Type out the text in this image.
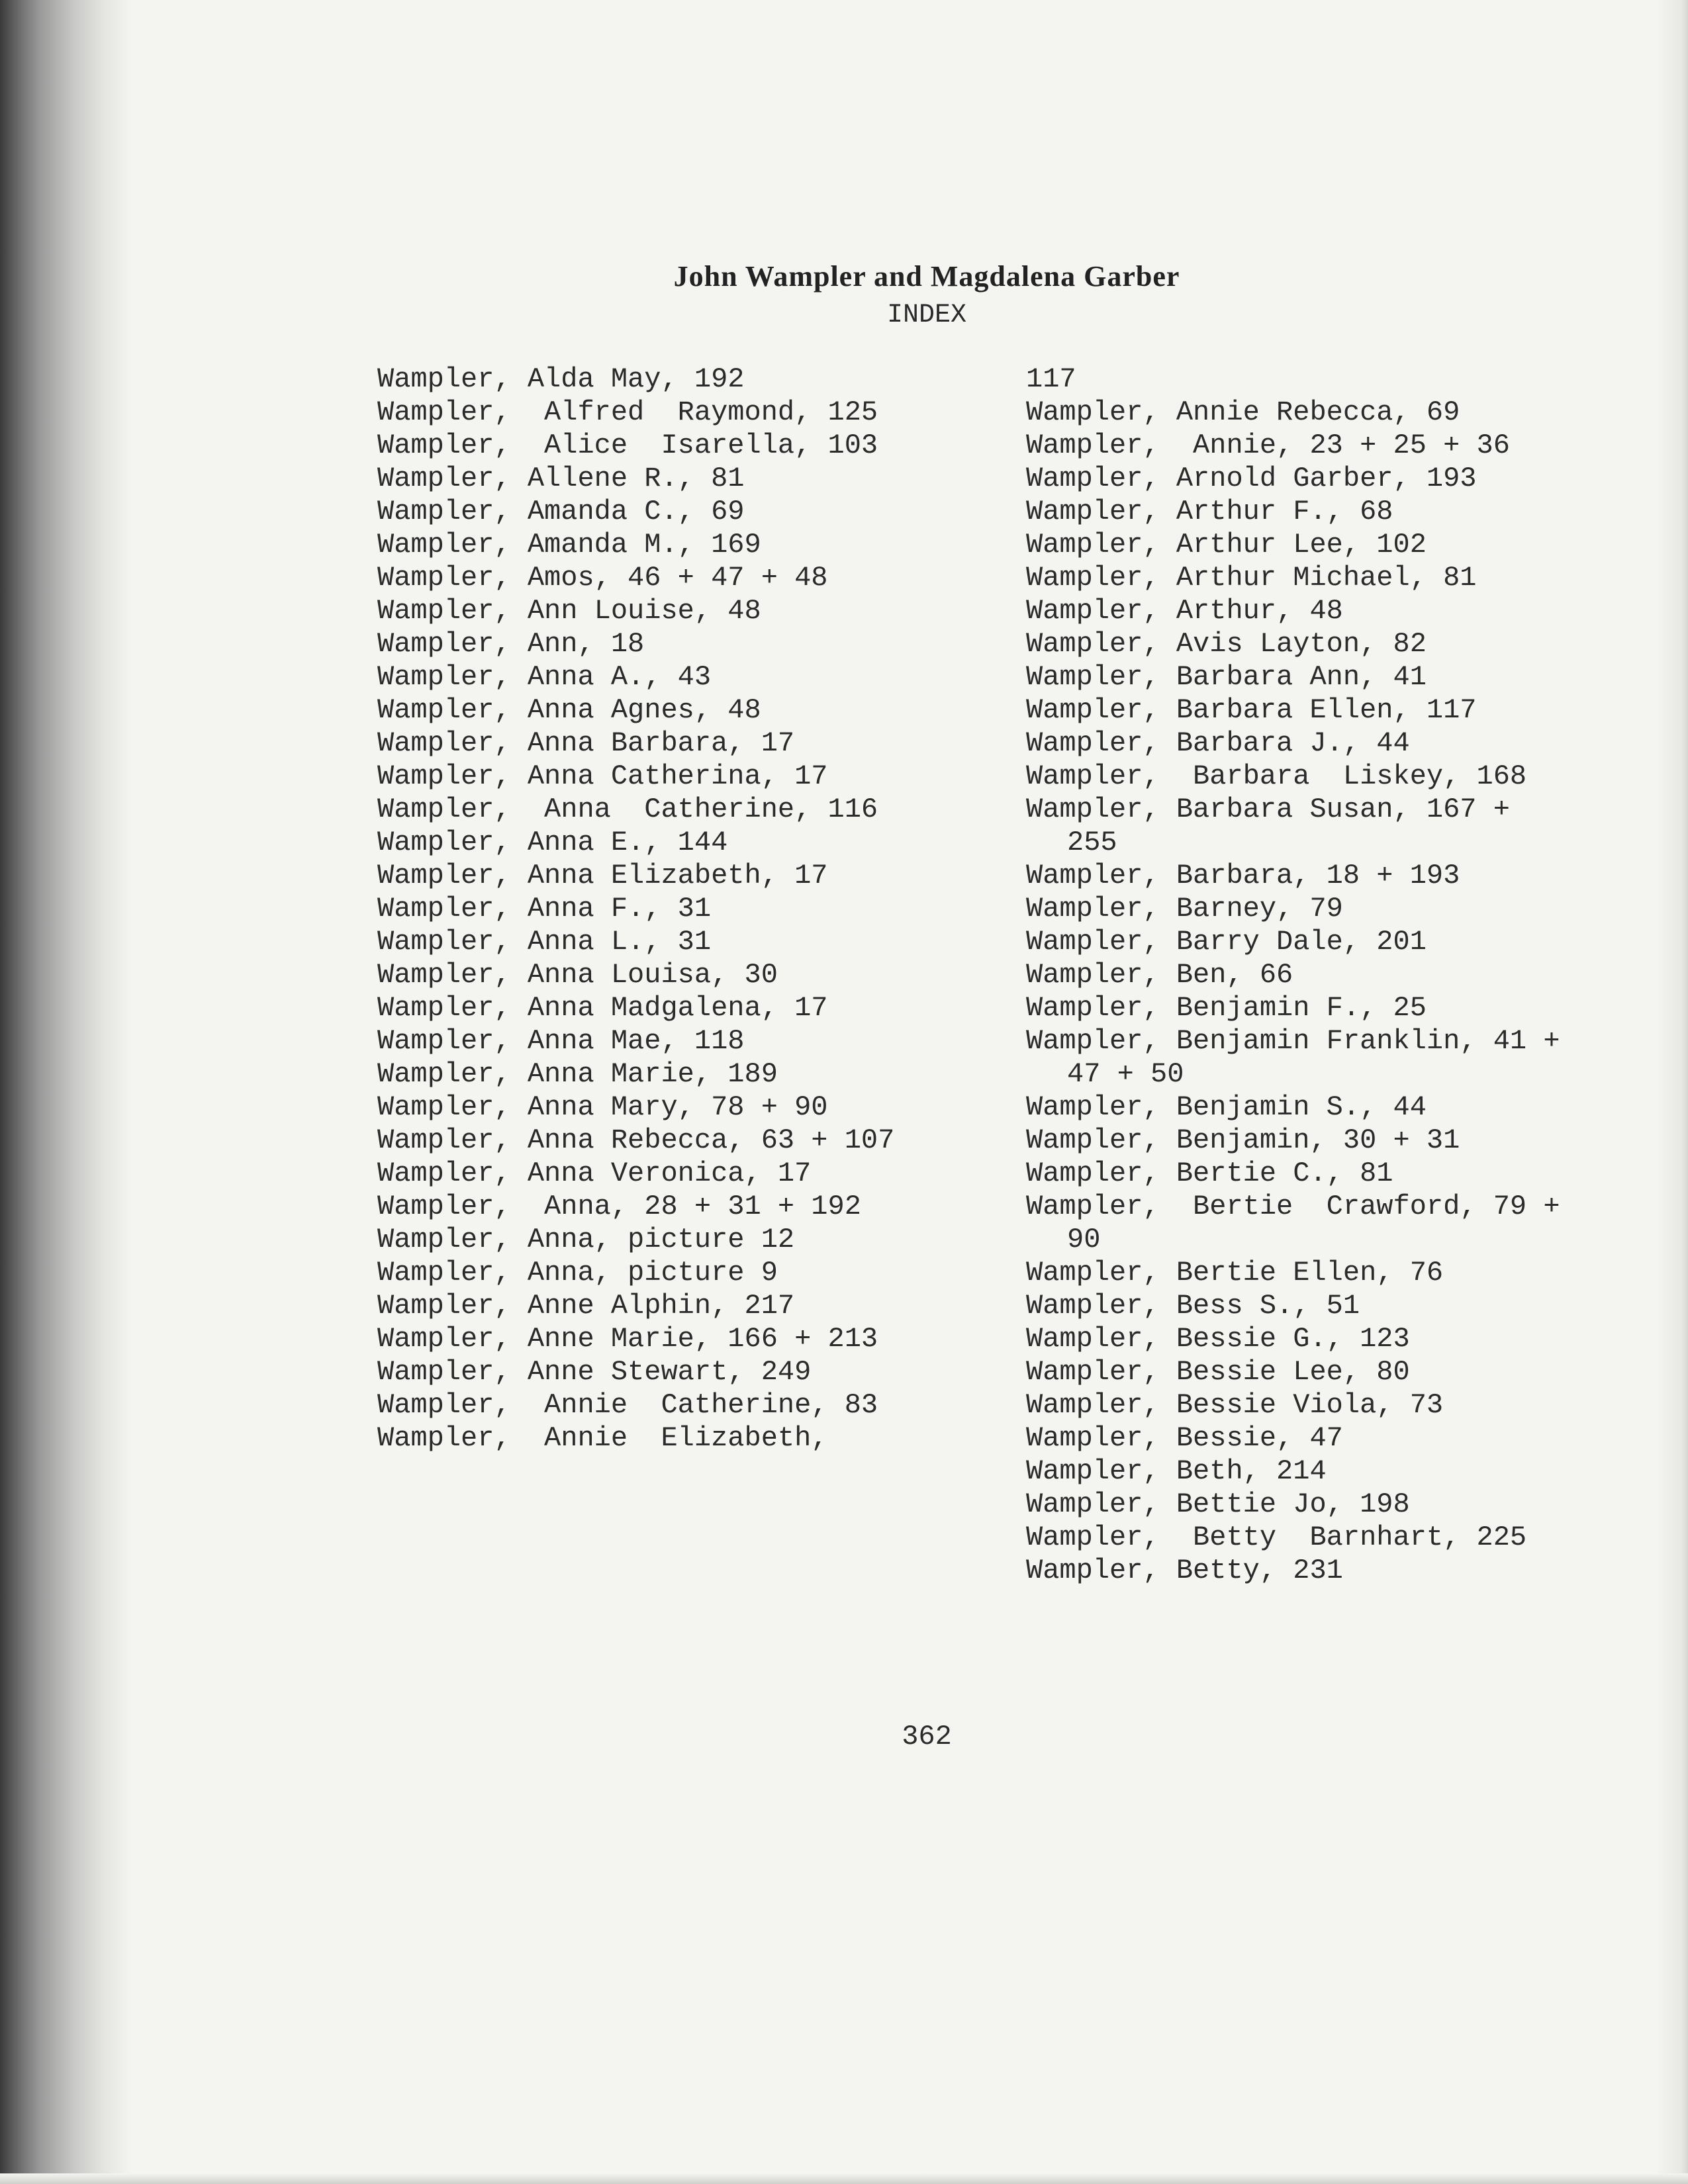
John Wampler and Magdalena Garber
INDEX

Wampler, Alda May, 192

Wampler,  Alfred  Raymond, 125

Wampler,  Alice  Isarella, 103

Wampler, Allene R., 81

Wampler, Amanda C., 69

Wampler, Amanda M., 169

Wampler, Amos, 46 + 47 + 48

Wampler, Ann Louise, 48

Wampler, Ann, 18

Wampler, Anna A., 43

Wampler, Anna Agnes, 48

Wampler, Anna Barbara, 17

Wampler, Anna Catherina, 17

Wampler,  Anna  Catherine, 116

Wampler, Anna E., 144

Wampler, Anna Elizabeth, 17

Wampler, Anna F., 31

Wampler, Anna L., 31

Wampler, Anna Louisa, 30

Wampler, Anna Madgalena, 17

Wampler, Anna Mae, 118

Wampler, Anna Marie, 189

Wampler, Anna Mary, 78 + 90

Wampler, Anna Rebecca, 63 + 107

Wampler, Anna Veronica, 17

Wampler,  Anna, 28 + 31 + 192

Wampler, Anna, picture 12

Wampler, Anna, picture 9

Wampler, Anne Alphin, 217

Wampler, Anne Marie, 166 + 213

Wampler, Anne Stewart, 249

Wampler,  Annie  Catherine, 83

Wampler,  Annie  Elizabeth,

117

Wampler, Annie Rebecca, 69

Wampler,  Annie, 23 + 25 + 36

Wampler, Arnold Garber, 193

Wampler, Arthur F., 68

Wampler, Arthur Lee, 102

Wampler, Arthur Michael, 81

Wampler, Arthur, 48

Wampler, Avis Layton, 82

Wampler, Barbara Ann, 41

Wampler, Barbara Ellen, 117

Wampler, Barbara J., 44

Wampler,  Barbara  Liskey, 168

Wampler, Barbara Susan, 167 + 255

Wampler, Barbara, 18 + 193

Wampler, Barney, 79

Wampler, Barry Dale, 201

Wampler, Ben, 66

Wampler, Benjamin F., 25

Wampler, Benjamin Franklin, 41 + 47 + 50

Wampler, Benjamin S., 44

Wampler, Benjamin, 30 + 31

Wampler, Bertie C., 81

Wampler,  Bertie  Crawford, 79 + 90

Wampler, Bertie Ellen, 76

Wampler, Bess S., 51

Wampler, Bessie G., 123

Wampler, Bessie Lee, 80

Wampler, Bessie Viola, 73

Wampler, Bessie, 47

Wampler, Beth, 214

Wampler, Bettie Jo, 198

Wampler,  Betty  Barnhart, 225

Wampler, Betty, 231

362
